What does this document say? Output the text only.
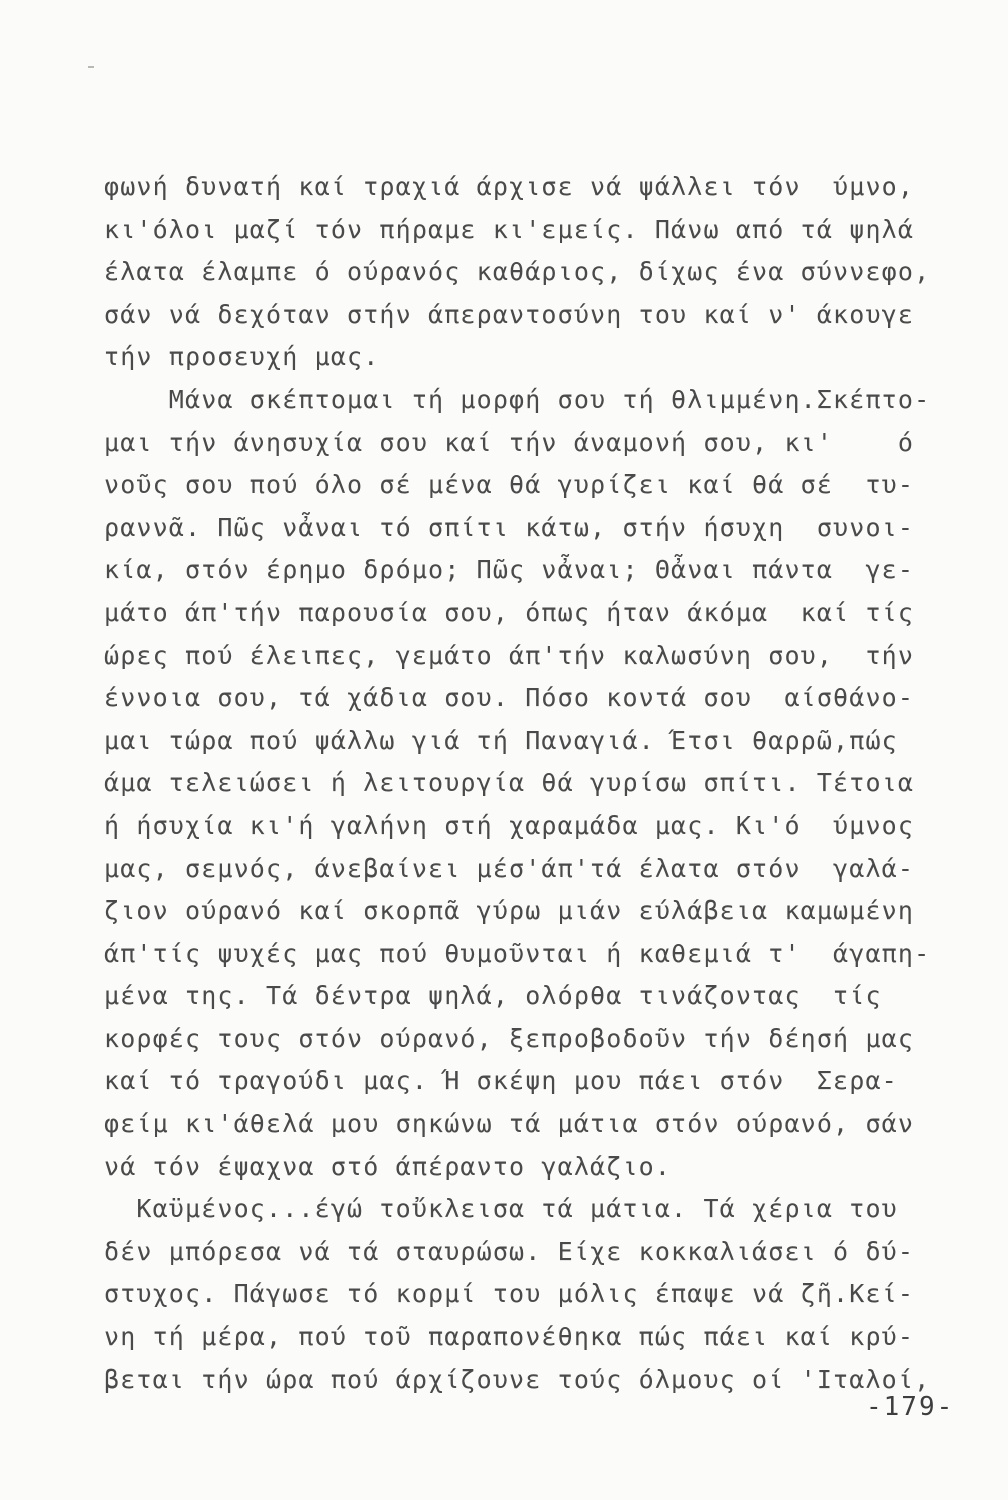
φωνή δυνατή καί τραχιά άρχισε νά ψάλλει τόν  ύμνο,
κι'όλοι μαζί τόν πήραμε κι'εμείς. Πάνω από τά ψηλά
έλατα έλαμπε ό ούρανός καθάριος, δίχως ένα σύννεφο,
σάν νά δεχόταν στήν άπεραντοσύνη του καί ν' άκουγε
τήν προσευχή μας.
Μάνα σκέπτομαι τή μορφή σου τή θλιμμένη.Σκέπτο-
μαι τήν άνησυχία σου καί τήν άναμονή σου, κι'    ό
νοῦς σου πού όλο σέ μένα θά γυρίζει καί θά σέ  τυ-
ραννᾶ. Πῶς νἆναι τό σπίτι κάτω, στήν ήσυχη  συνοι-
κία, στόν έρημο δρόμο; Πῶς νἆναι; Θἆναι πάντα  γε-
μάτο άπ'τήν παρουσία σου, όπως ήταν άκόμα  καί τίς
ώρες πού έλειπες, γεμάτο άπ'τήν καλωσύνη σου,  τήν
έννοια σου, τά χάδια σου. Πόσο κοντά σου  αίσθάνο-
μαι τώρα πού ψάλλω γιά τή Παναγιά. Έτσι θαρρῶ,πώς
άμα τελειώσει ή λειτουργία θά γυρίσω σπίτι. Τέτοια
ή ήσυχία κι'ή γαλήνη στή χαραμάδα μας. Κι'ό  ύμνος
μας, σεμνός, άνεβαίνει μέσ'άπ'τά έλατα στόν  γαλά-
ζιον ούρανό καί σκορπᾶ γύρω μιάν εύλάβεια καμωμένη
άπ'τίς ψυχές μας πού θυμοῦνται ή καθεμιά τ'  άγαπη-
μένα της. Τά δέντρα ψηλά, ολόρθα τινάζοντας  τίς
κορφές τους στόν ούρανό, ξεπροβοδοῦν τήν δέησή μας
καί τό τραγούδι μας. Ή σκέψη μου πάει στόν  Σερα-
φείμ κι'άθελά μου σηκώνω τά μάτια στόν ούρανό, σάν
νά τόν έψαχνα στό άπέραντο γαλάζιο.
Καϋμένος...έγώ τοὔκλεισα τά μάτια. Τά χέρια του
δέν μπόρεσα νά τά σταυρώσω. Είχε κοκκαλιάσει ό δύ-
στυχος. Πάγωσε τό κορμί του μόλις έπαψε νά ζῆ.Κεί-
νη τή μέρα, πού τοῦ παραπονέθηκα πώς πάει καί κρύ-
βεται τήν ώρα πού άρχίζουνε τούς όλμους οί 'Ιταλοί,
-179-
